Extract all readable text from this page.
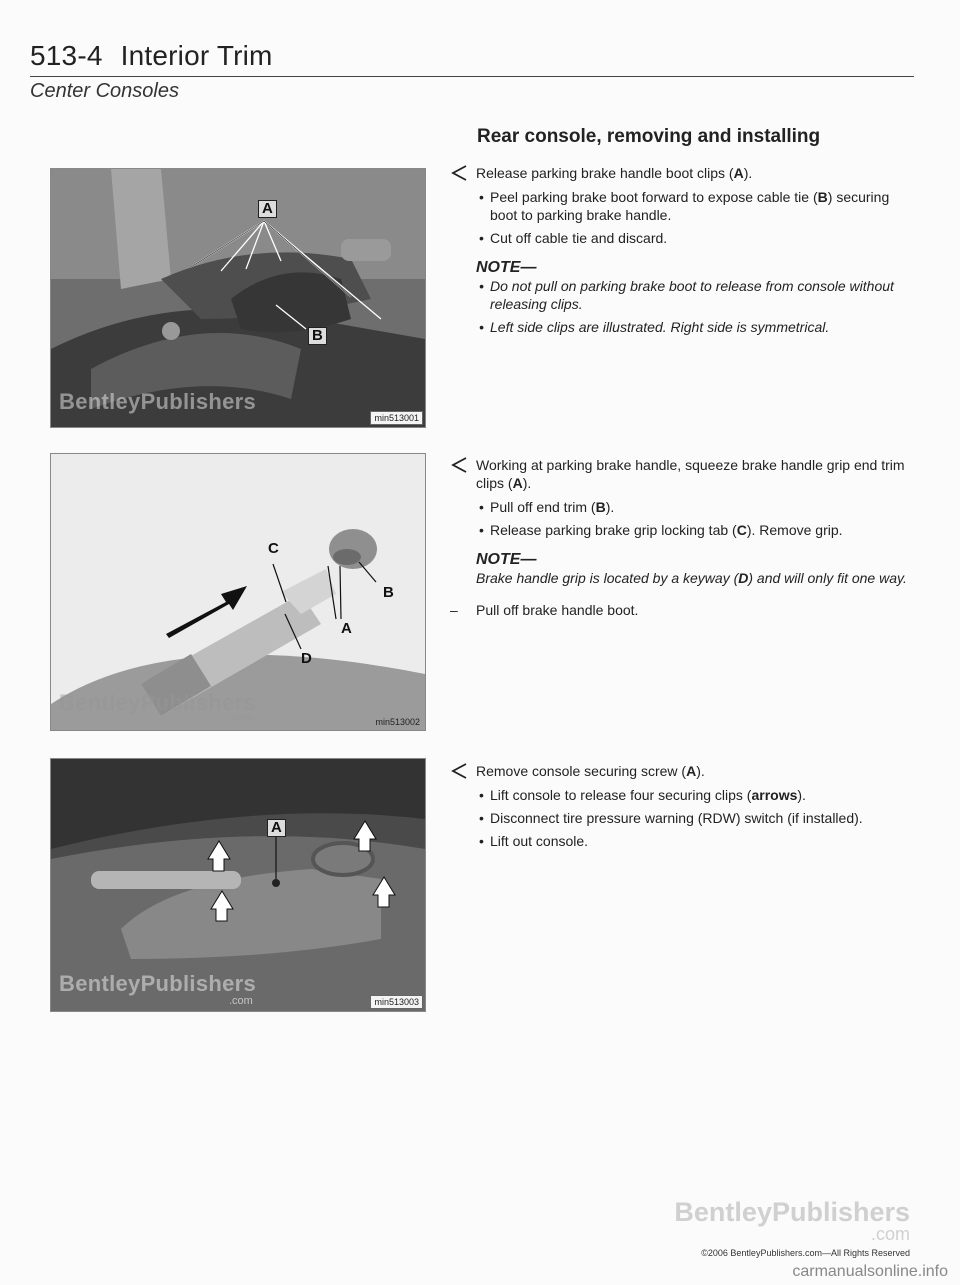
513-4 Interior Trim
Center Consoles
Rear console, removing and installing
A
B
BentleyPublishers
min513001
C
B
A
D
BentleyPublishers
.com	min513002
A
BentleyPublishers
.com	min513003
Release parking brake handle boot clips (A).
• Peel parking brake boot forward to expose cable tie (B) securing boot to parking brake handle.
• Cut off cable tie and discard.
NOTE—
• Do not pull on parking brake boot to release from console without releasing clips.
• Left side clips are illustrated. Right side is symmetrical.
Working at parking brake handle, squeeze brake handle grip end trim clips (A).
• Pull off end trim (B).
• Release parking brake grip locking tab (C). Remove grip.
NOTE—
Brake handle grip is located by a keyway (D) and will only fit one way.
– Pull off brake handle boot.
Remove console securing screw (A).
• Lift console to release four securing clips (arrows).
• Disconnect tire pressure warning (RDW) switch (if installed).
• Lift out console.
BentleyPublishers
.com
©2006 BentleyPublishers.com—All Rights Reserved
carmanualsonline.info
